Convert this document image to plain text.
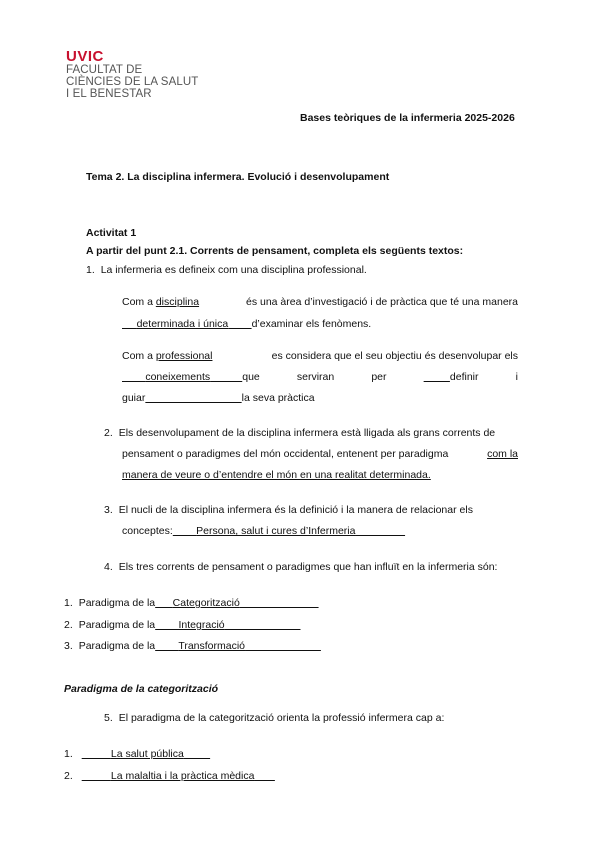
UVIC
FACULTAT DE
CIÈNCIES DE LA SALUT
I EL BENESTAR
Bases teòriques de la infermeria 2025-2026
Tema 2. La disciplina infermera. Evolució i desenvolupament
Activitat 1
A partir del punt 2.1. Corrents de pensament, completa els següents textos:
1. La infermeria es defineix com una disciplina professional.
Com a disciplina	és una àrea d’investigació i de pràctica que té una manera
determinada i única d’examinar els fenòmens.
Com a professional	es considera que el seu objectiu és desenvolupar els
coneixements	que	serviran	per	definir	i
guiar	la seva pràctica
2. Els desenvolupament de la disciplina infermera està lligada als grans corrents de
pensament o paradigmes del món occidental, entenent per paradigma	com la
manera de veure o d’entendre el món en una realitat determinada.
3. El nucli de la disciplina infermera és la definició i la manera de relacionar els
conceptes: Persona, salut i cures d’Infermeria
4. Els tres corrents de pensament o paradigmes que han influït en la infermeria són:
1. Paradigma de la Categorització
2. Paradigma de la Integració
3. Paradigma de la Transformació
Paradigma de la categorització
5. El paradigma de la categorització orienta la professió infermera cap a:
1.	La salut pública
2.	La malaltia i la pràctica mèdica
